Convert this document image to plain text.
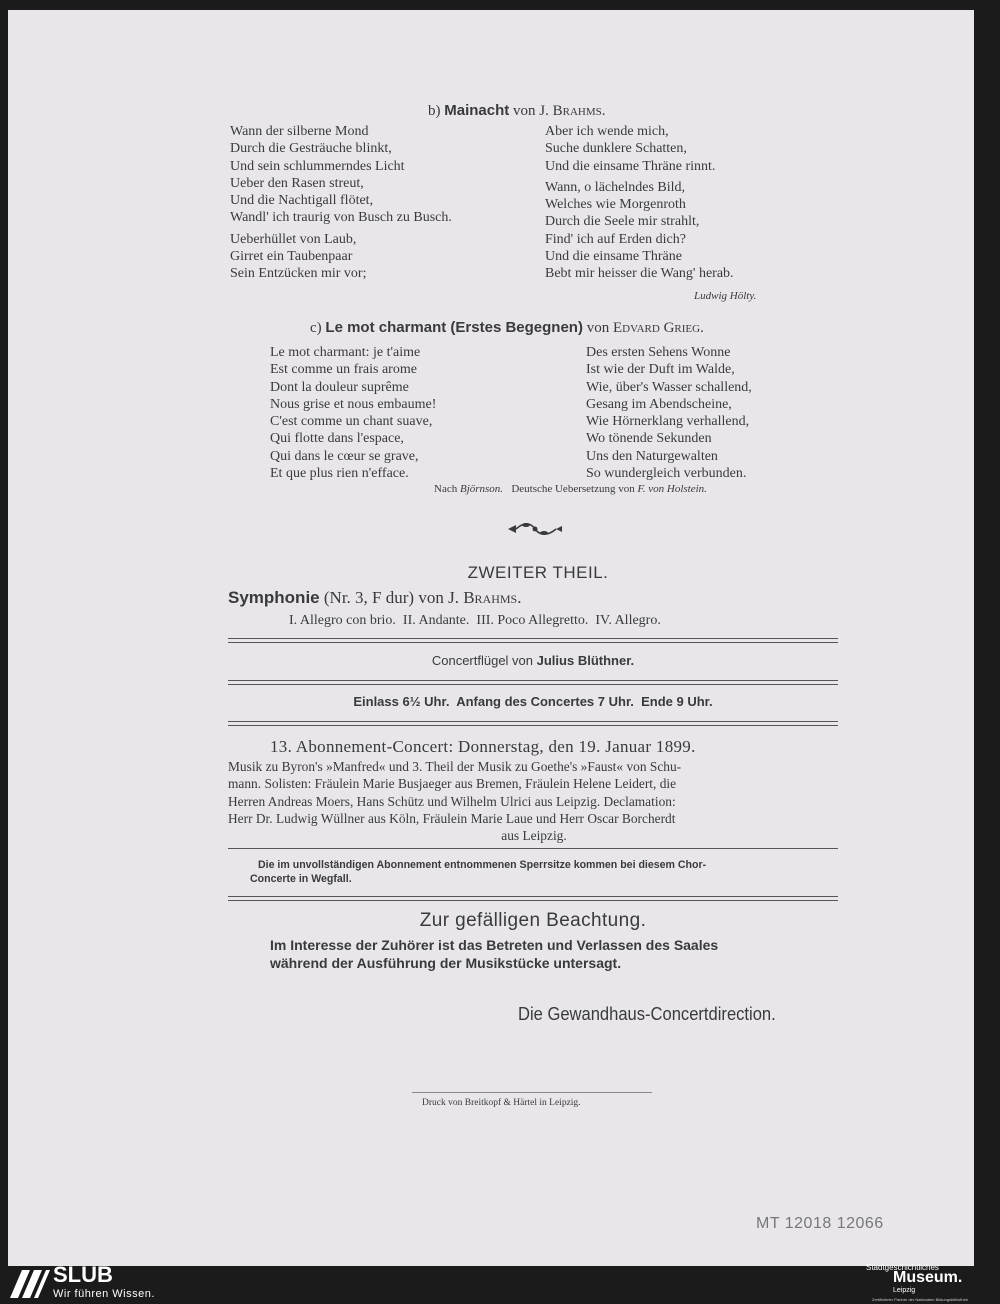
b) Mainacht von J. Brahms.
Wann der silberne Mond
Durch die Gesträuche blinkt,
Und sein schlummerndes Licht
Ueber den Rasen streut,
Und die Nachtigall flötet,
Wandl' ich traurig von Busch zu Busch.
Ueberhüllet von Laub,
Girret ein Taubenpaar
Sein Entzücken mir vor;
Aber ich wende mich,
Suche dunklere Schatten,
Und die einsame Thräne rinnt.
Wann, o lächelndes Bild,
Welches wie Morgenroth
Durch die Seele mir strahlt,
Find' ich auf Erden dich?
Und die einsame Thräne
Bebt mir heisser die Wang' herab.
Ludwig Hölty.
c) Le mot charmant (Erstes Begegnen) von Edvard Grieg.
Le mot charmant: je t'aime
Est comme un frais arome
Dont la douleur suprême
Nous grise et nous embaume!
C'est comme un chant suave,
Qui flotte dans l'espace,
Qui dans le cœur se grave,
Et que plus rien n'efface.
Des ersten Sehens Wonne
Ist wie der Duft im Walde,
Wie, über's Wasser schallend,
Gesang im Abendscheine,
Wie Hörnerklang verhallend,
Wo tönende Sekunden
Uns den Naturgewalten
So wundergleich verbunden.
Nach Björnson. Deutsche Uebersetzung von F. von Holstein.
ZWEITER THEIL.
Symphonie (Nr. 3, F dur) von J. Brahms.
I. Allegro con brio.  II. Andante.  III. Poco Allegretto.  IV. Allegro.
Concertflügel von Julius Blüthner.
Einlass 6½ Uhr.  Anfang des Concertes 7 Uhr.  Ende 9 Uhr.
13. Abonnement-Concert: Donnerstag, den 19. Januar 1899.
Musik zu Byron's »Manfred« und 3. Theil der Musik zu Goethe's »Faust« von Schu-
mann. Solisten: Fräulein Marie Busjaeger aus Bremen, Fräulein Helene Leidert, die
Herren Andreas Moers, Hans Schütz und Wilhelm Ulrici aus Leipzig. Declamation:
Herr Dr. Ludwig Wüllner aus Köln, Fräulein Marie Laue und Herr Oscar Borcherdt
aus Leipzig.
Die im unvollständigen Abonnement entnommenen Sperrsitze kommen bei diesem Chor-
Concerte in Wegfall.
Zur gefälligen Beachtung.
Im Interesse der Zuhörer ist das Betreten und Verlassen des Saales
während der Ausführung der Musikstücke untersagt.
Die Gewandhaus-Concertdirection.
Druck von Breitkopf & Härtel in Leipzig.
MT 12018 12066
SLUB
Wir führen Wissen.
Stadtgeschichtliches
Museum.
Leipzig
Zertifizierter Partner der Nationalen Bildungsbibliothek
